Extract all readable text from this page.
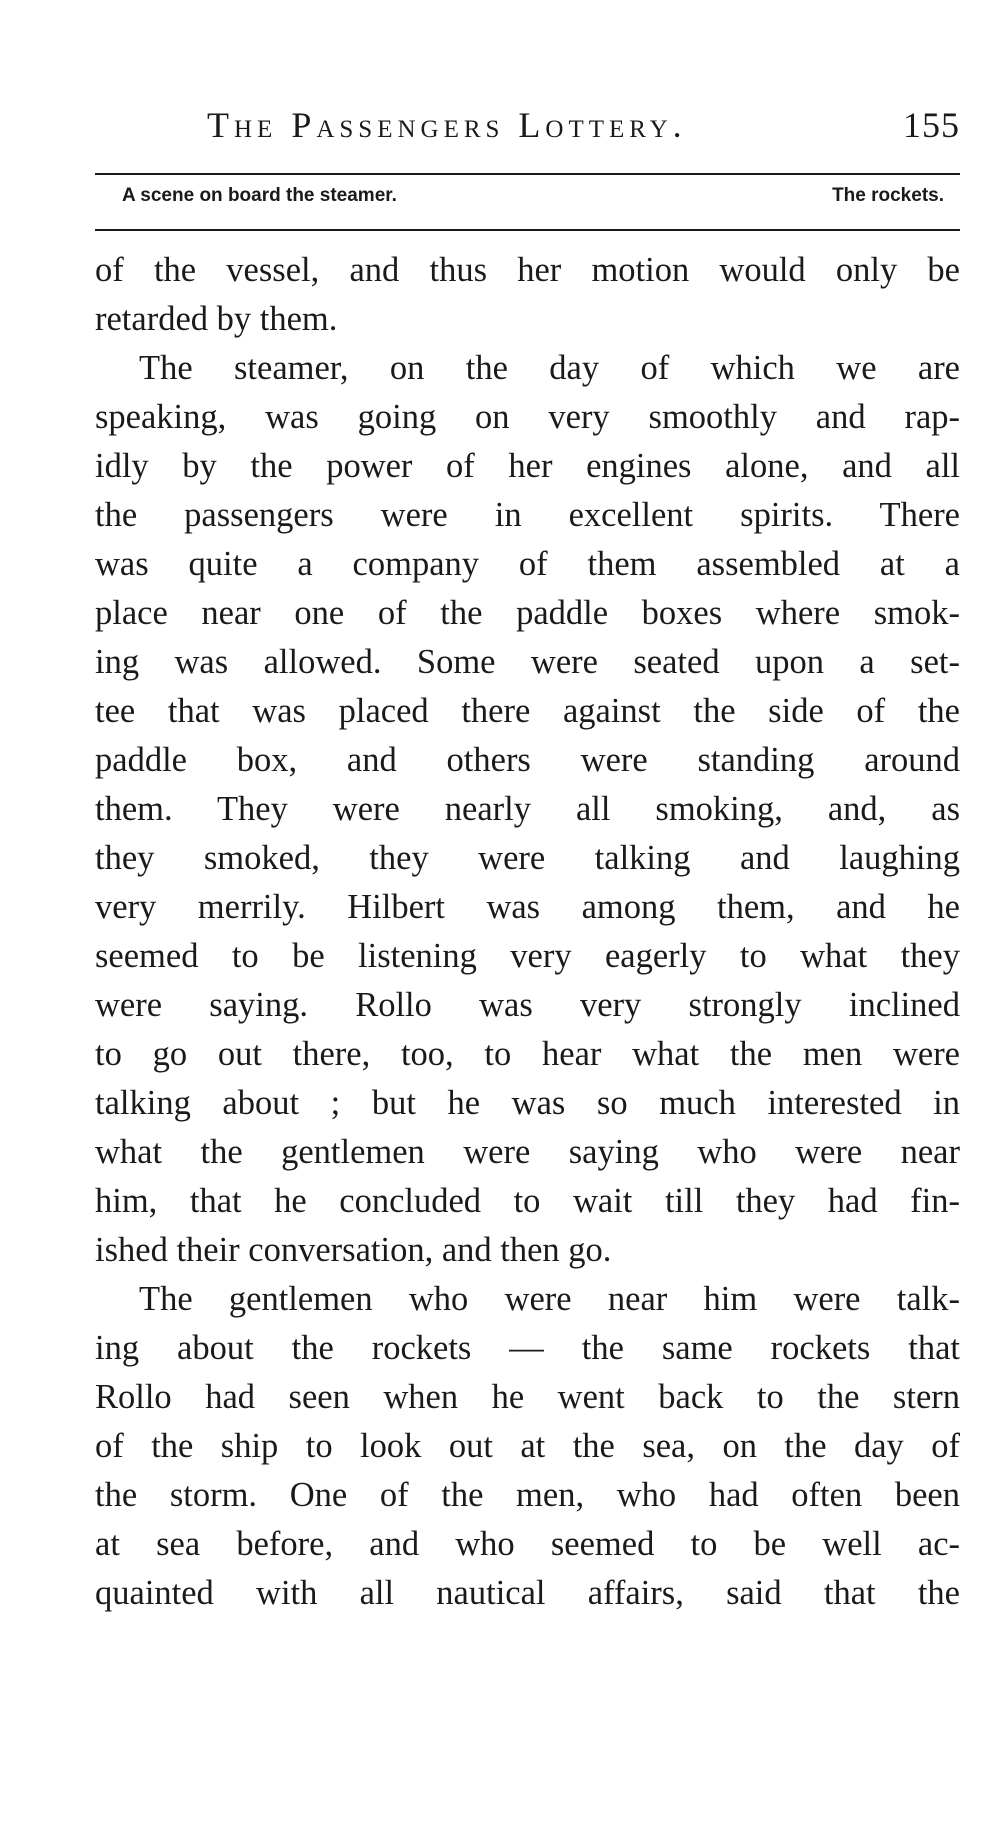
The Passengers Lottery.	155
A scene on board the steamer.	The rockets.
of the vessel, and thus her motion would only be
retarded by them.
The steamer, on the day of which we are
speaking, was going on very smoothly and rap-
idly by the power of her engines alone, and all
the passengers were in excellent spirits. There
was quite a company of them assembled at a
place near one of the paddle boxes where smok-
ing was allowed. Some were seated upon a set-
tee that was placed there against the side of the
paddle box, and others were standing around
them. They were nearly all smoking, and, as
they smoked, they were talking and laughing
very merrily. Hilbert was among them, and he
seemed to be listening very eagerly to what they
were saying. Rollo was very strongly inclined
to go out there, too, to hear what the men were
talking about ; but he was so much interested in
what the gentlemen were saying who were near
him, that he concluded to wait till they had fin-
ished their conversation, and then go.
The gentlemen who were near him were talk-
ing about the rockets — the same rockets that
Rollo had seen when he went back to the stern
of the ship to look out at the sea, on the day of
the storm. One of the men, who had often been
at sea before, and who seemed to be well ac-
quainted with all nautical affairs, said that the
